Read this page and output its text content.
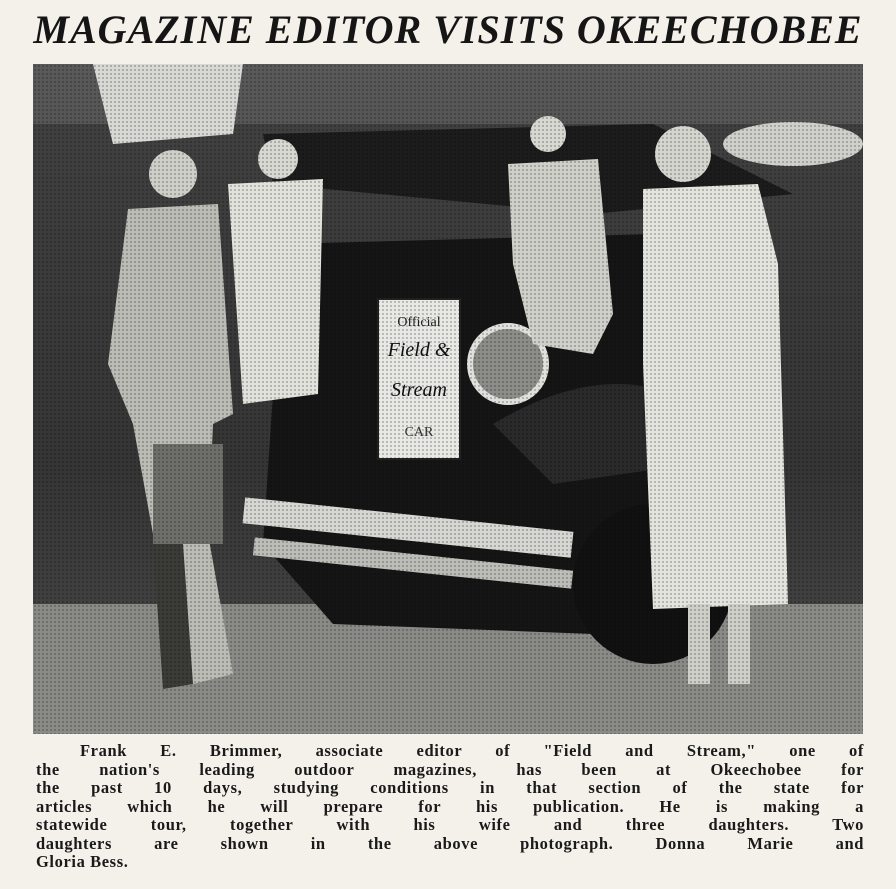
MAGAZINE EDITOR VISITS OKEECHOBEE
Frank E. Brimmer, associate editor of "Field and Stream," one of
the nation's leading outdoor magazines, has been at Okeechobee for
the past 10 days, studying conditions in that section of the state for
articles which he will prepare for his publication. He is making a
statewide tour, together with his wife and three daughters. Two
daughters are shown in the above photograph. Donna Marie and
Gloria Bess.
